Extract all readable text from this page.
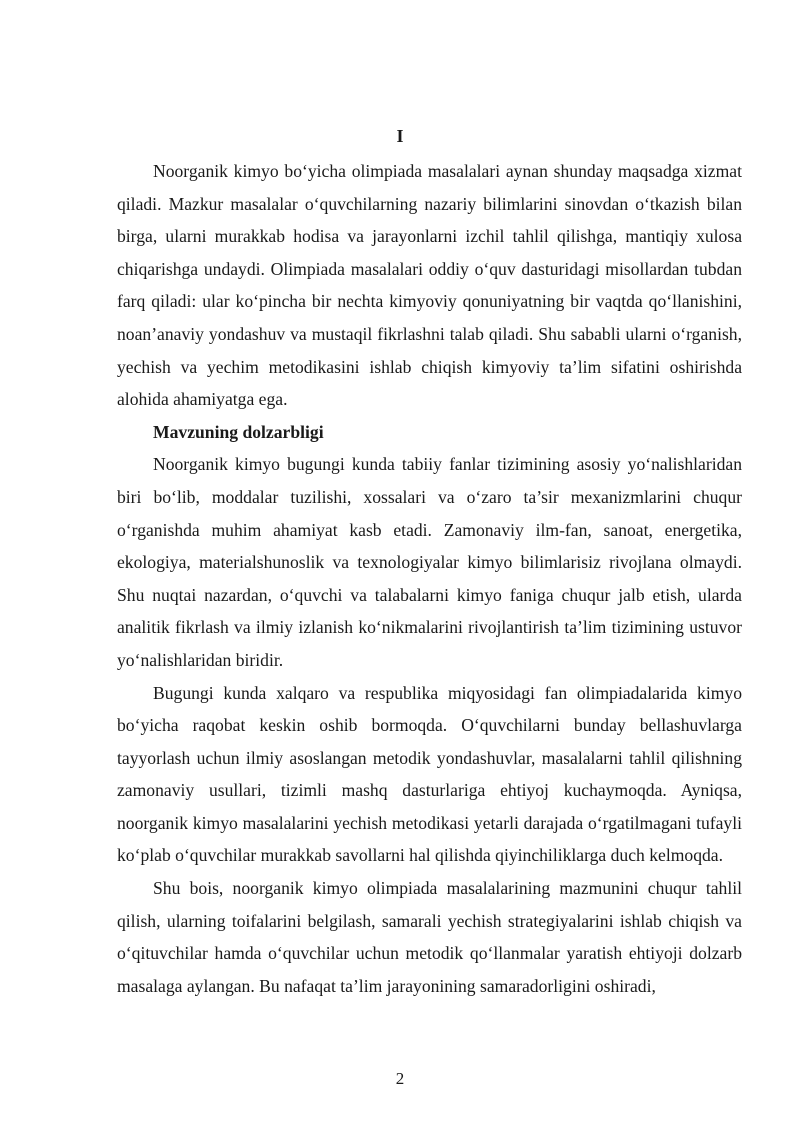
I

Noorganik kimyo bo‘yicha olimpiada masalalari aynan shunday maqsadga xizmat qiladi. Mazkur masalalar o‘quvchilarning nazariy bilimlarini sinovdan o‘tkazish bilan birga, ularni murakkab hodisa va jarayonlarni izchil tahlil qilishga, mantiqiy xulosa chiqarishga undaydi. Olimpiada masalalari oddiy o‘quv dasturidagi misollardan tubdan farq qiladi: ular ko‘pincha bir nechta kimyoviy qonuniyatning bir vaqtda qo‘llanishini, noan’anaviy yondashuv va mustaqil fikrlashni talab qiladi. Shu sababli ularni o‘rganish, yechish va yechim metodikasini ishlab chiqish kimyoviy ta’lim sifatini oshirishda alohida ahamiyatga ega.

Mavzuning dolzarbligi

Noorganik kimyo bugungi kunda tabiiy fanlar tizimining asosiy yo‘nalishlaridan biri bo‘lib, moddalar tuzilishi, xossalari va o‘zaro ta’sir mexanizmlarini chuqur o‘rganishda muhim ahamiyat kasb etadi. Zamonaviy ilm-fan, sanoat, energetika, ekologiya, materialshunoslik va texnologiyalar kimyo bilimlarisiz rivojlana olmaydi. Shu nuqtai nazardan, o‘quvchi va talabalarni kimyo faniga chuqur jalb etish, ularda analitik fikrlash va ilmiy izlanish ko‘nikmalarini rivojlantirish ta’lim tizimining ustuvor yo‘nalishlaridan biridir.

Bugungi kunda xalqaro va respublika miqyosidagi fan olimpiadalarida kimyo bo‘yicha raqobat keskin oshib bormoqda. O‘quvchilarni bunday bellashuvlarga tayyorlash uchun ilmiy asoslangan metodik yondashuvlar, masalalarni tahlil qilishning zamonaviy usullari, tizimli mashq dasturlariga ehtiyoj kuchaymoqda. Ayniqsa, noorganik kimyo masalalarini yechish metodikasi yetarli darajada o‘rgatilmagani tufayli ko‘plab o‘quvchilar murakkab savollarni hal qilishda qiyinchiliklarga duch kelmoqda.

Shu bois, noorganik kimyo olimpiada masalalarining mazmunini chuqur tahlil qilish, ularning toifalarini belgilash, samarali yechish strategiyalarini ishlab chiqish va o‘qituvchilar hamda o‘quvchilar uchun metodik qo‘llanmalar yaratish ehtiyoji dolzarb masalaga aylangan. Bu nafaqat ta’lim jarayonining samaradorligini oshiradi,

2
